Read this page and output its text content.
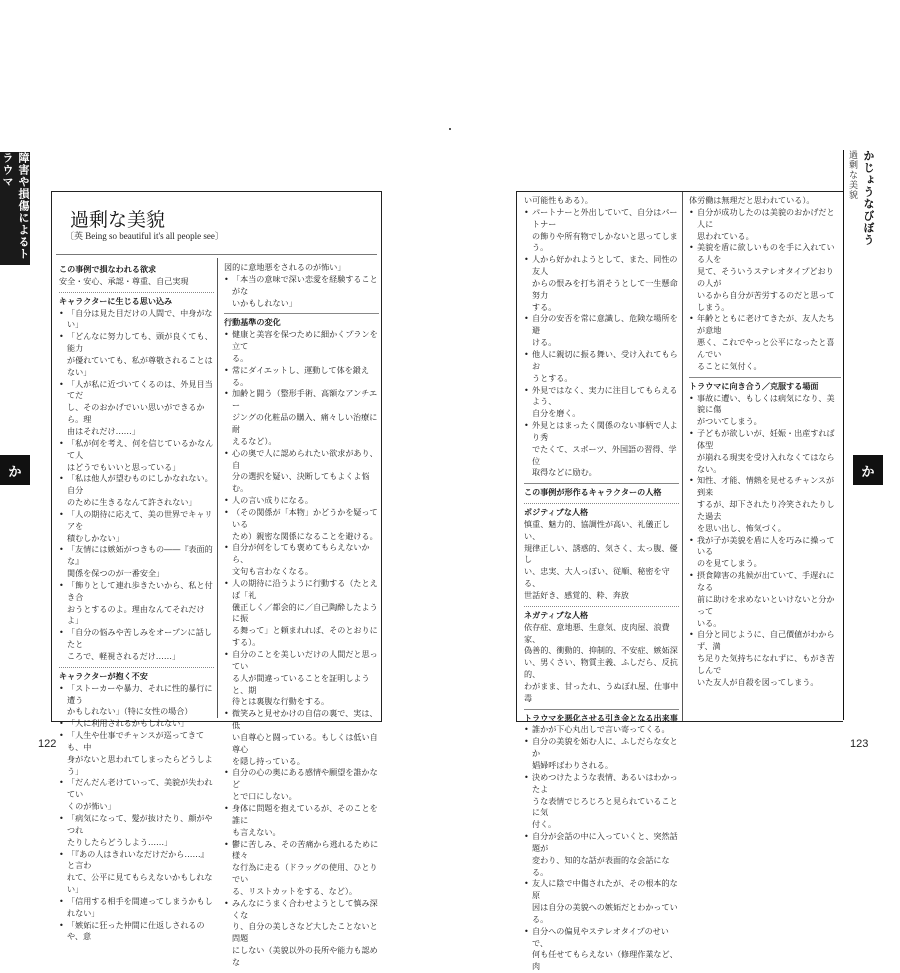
障害や損傷によるトラウマ
か
過剰な美貌
〔英 Being so beautiful it's all people see〕
この事例で損なわれる欲求
安全・安心、承認・尊重、自己実現
キャラクターに生じる思い込み
• 「自分は見た目だけの人間で、中身がない」
• 「どんなに努力しても、頭が良くても、能力
が優れていても、私が尊敬されることはない」
• 「人が私に近づいてくるのは、外見目当てだ
し、そのおかげでいい思いができるから。理
由はそれだけ……」
• 「私が何を考え、何を信じているかなんて人
はどうでもいいと思っている」
• 「私は他人が望むものにしかなれない。自分
のために生きるなんて許されない」
• 「人の期待に応えて、美の世界でキャリアを
積むしかない」
• 「友情には嫉妬がつきもの――『表面的な』
関係を保つのが一番安全」
• 「飾りとして連れ歩きたいから、私と付き合
おうとするのよ。理由なんてそれだけよ」
• 「自分の悩みや苦しみをオープンに話したと
ころで、軽視されるだけ……」
キャラクターが抱く不安
• 「ストーカーや暴力、それに性的暴行に遭う
かもしれない」（特に女性の場合）
• 「人に利用されるかもしれない」
• 「人生や仕事でチャンスが巡ってきても、中
身がないと思われてしまったらどうしよう」
• 「だんだん老けていって、美貌が失われてい
くのが怖い」
• 「病気になって、髪が抜けたり、顔がやつれ
たりしたらどうしよう……」
• 「『あの人はきれいなだけだから……』と言わ
れて、公平に見てもらえないかもしれない」
• 「信用する相手を間違ってしまうかもしれない」
• 「嫉妬に狂った仲間に仕返しされるのや、意
図的に意地悪をされるのが怖い」
• 「本当の意味で深い恋愛を経験することがな
いかもしれない」
行動基準の変化
• 健康と美容を保つために細かくプランを立て
る。
• 常にダイエットし、運動して体を鍛える。
• 加齢と闘う（整形手術、高額なアンチエー
ジングの化粧品の購入、痛々しい治療に耐
えるなど）。
• 心の奥で人に認められたい欲求があり、自
分の選択を疑い、決断してもよくよ悩む。
• 人の言い成りになる。
• （その関係が「本物」かどうかを疑っている
ため）親密な関係になることを避ける。
• 自分が何をしても褒めてもらえないから、
文句も言わなくなる。
• 人の期待に沿うように行動する（たとえば「礼
儀正しく／都会的に／自己陶酔したように振
る舞って」と頼まれれば、そのとおりにする）。
• 自分のことを美しいだけの人間だと思ってい
る人が間違っていることを証明しようと、期
待とは裏腹な行動をする。
• 微笑みと見せかけの自信の裏で、実は、低
い自尊心と闘っている。もしくは低い自尊心
を隠し持っている。
• 自分の心の奥にある感情や願望を誰かなど
とで口にしない。
• 身体に問題を抱えているが、そのことを誰に
も言えない。
• 鬱に苦しみ、その苦痛から逃れるために様々
な行為に走る（ドラッグの使用、ひとりでい
る、リストカットをする、など）。
• みんなにうまく合わせようとして慎み深くな
り、自分の美しさなど大したことないと問題
にしない（美貌以外の長所や能力も認めな
122
い可能性もある）。
• パートナーと外出していて、自分はパートナー
の飾りや所有物でしかないと思ってしまう。
• 人から好かれようとして、また、同性の友人
からの恨みを打ち消そうとして一生懸命努力
する。
• 自分の安否を常に意識し、危険な場所を避
ける。
• 他人に親切に振る舞い、受け入れてもらお
うとする。
• 外見ではなく、実力に注目してもらえるよう、
自分を磨く。
• 外見とはまったく関係のない事柄で人より秀
でたくて、スポーツ、外国語の習得、学位
取得などに励む。
この事例が形作るキャラクターの人格
ポジティブな人格
慎重、魅力的、協調性が高い、礼儀正しい、
規律正しい、誘惑的、気さく、太っ腹、優し
い、忠実、大人っぽい、従順、秘密を守る、
世話好き、感覚的、粋、奔放
ネガティブな人格
依存症、意地悪、生意気、皮肉屋、浪費家、
偽善的、衝動的、抑制的、不安症、嫉妬深
い、男くさい、物質主義、ふしだら、反抗的、
わがまま、甘ったれ、うぬぼれ屋、仕事中毒
トラウマを悪化させる引き金となる出来事
• 誰かが下心丸出しで言い寄ってくる。
• 自分の美貌を妬む人に、ふしだらな女とか
娼婦呼ばわりされる。
• 決めつけたような表情、あるいはわかったよ
うな表情でじろじろと見られていることに気
付く。
• 自分が会話の中に入っていくと、突然話題が
変わり、知的な話が表面的な会話になる。
• 友人に陰で中傷されたが、その根本的な原
因は自分の美貌への嫉妬だとわかっている。
• 自分への偏見やステレオタイプのせいで、
何も任せてもらえない（修理作業など、肉
体労働は無理だと思われている）。
• 自分が成功したのは美貌のおかげだと人に
思われている。
• 美貌を盾に欲しいものを手に入れている人を
見て、そういうステレオタイプどおりの人が
いるから自分が苦労するのだと思ってしまう。
• 年齢とともに老けてきたが、友人たちが意地
悪く、これでやっと公平になったと喜んでい
ることに気付く。
トラウマに向き合う／克服する場面
• 事故に遭い、もしくは病気になり、美貌に傷
がついてしまう。
• 子どもが欲しいが、妊娠・出産すれば体型
が崩れる現実を受け入れなくてはならない。
• 知性、才能、情熱を見せるチャンスが到来
するが、却下されたり冷笑されたりした過去
を思い出し、怖気づく。
• 我が子が美貌を盾に人を巧みに操っている
のを見てしまう。
• 摂食障害の兆候が出ていて、手遅れになる
前に助けを求めないといけないと分かって
いる。
• 自分と同じように、自己價値がわからず、満
ち足りた気持ちになれずに、もがき苦しんで
いた友人が自殺を図ってしまう。
かじょうなびぼう
過剰な美貌
か
123
